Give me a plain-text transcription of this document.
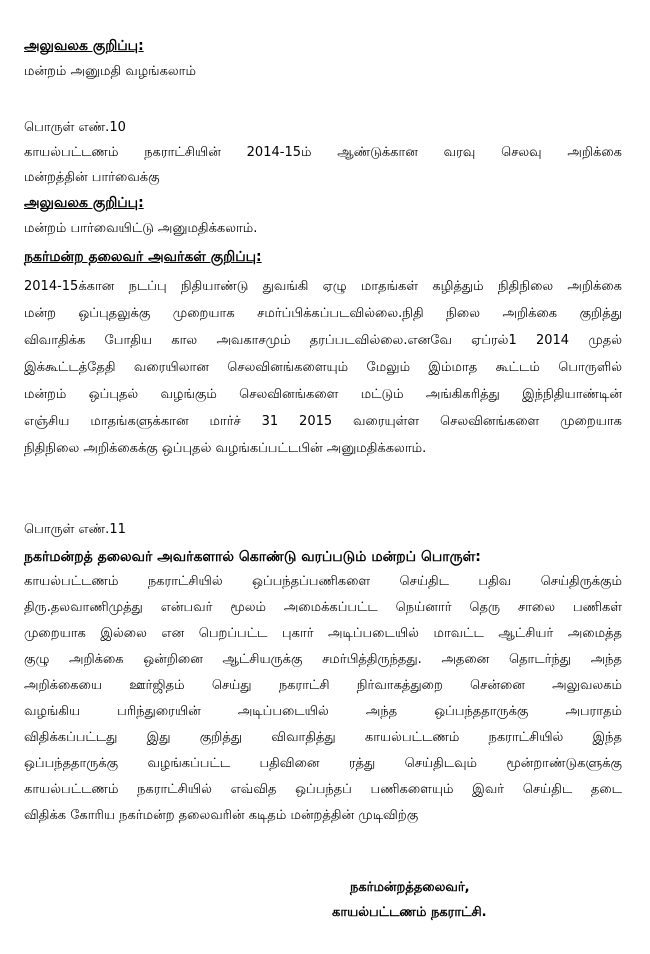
அலுவலக குறிப்பு:
மன்றம் அனுமதி வழங்கலாம்
பொருள் எண்.10
காயல்பட்டணம் நகராட்சியின் 2014-15ம் ஆண்டுக்கான வரவு செலவு அறிக்கை
மன்றத்தின் பார்வைக்கு
அலுவலக குறிப்பு:
மன்றம் பார்வையிட்டு அனுமதிக்கலாம்.
நகர்மன்ற தலைவர் அவர்கள் குறிப்பு:
2014-15க்கான நடப்பு நிதியாண்டு துவங்கி ஏழு மாதங்கள் கழித்தும் நிதிநிலை அறிக்கை
மன்ற ஒப்புதலுக்கு முறையாக சமர்ப்பிக்கப்படவில்லை.நிதி நிலை அறிக்கை குறித்து
விவாதிக்க போதிய கால அவகாசமும் தரப்படவில்லை.எனவே ஏப்ரல்1 2014 முதல்
இக்கூட்டத்தேதி வரையிலான செலவினங்களையும் மேலும் இம்மாத கூட்டம் பொருளில்
மன்றம் ஒப்புதல் வழங்கும் செலவினங்களை மட்டும் அங்கிகரித்து இந்நிதியாண்டின்
எஞ்சிய மாதங்களுக்கான மார்ச் 31 2015 வரையுள்ள செலவினங்களை முறையாக
நிதிநிலை அறிக்கைக்கு ஒப்புதல் வழங்கப்பட்டபின் அனுமதிக்கலாம்.
பொருள் எண்.11
நகர்மன்றத் தலைவர் அவர்களால் கொண்டு வரப்படும் மன்றப் பொருள்:
காயல்பட்டணம் நகராட்சியில் ஒப்பந்தப்பணிகளை செய்திட பதிவ செய்திருக்கும்
திரு.தலவாணிமுத்து என்பவர் மூலம் அமைக்கப்பட்ட நெய்னார் தெரு சாலை பணிகள்
முறையாக இல்லை என பெறப்பட்ட புகார் அடிப்படையில் மாவட்ட ஆட்சியர் அமைத்த
குழு அறிக்கை ஒன்றினை ஆட்சியருக்கு சமர்பித்திருந்தது. அதனை தொடர்ந்து அந்த
அறிக்கையை ஊர்ஜிதம் செய்து நகராட்சி நிர்வாகத்துறை சென்னை அலுவலகம்
வழங்கிய பரிந்துரையின் அடிப்படையில் அந்த ஒப்பந்ததாருக்கு அபராதம்
விதிக்கப்பட்டது இது குறித்து விவாதித்து காயல்பட்டணம் நகராட்சியில் இந்த
ஒப்பந்ததாருக்கு வழங்கப்பட்ட பதிவினை ரத்து செய்திடவும் மூன்றாண்டுகளுக்கு
காயல்பட்டணம் நகராட்சியில் எவ்வித ஒப்பந்தப் பணிகளையும் இவர் செய்திட தடை
விதிக்க கோரிய நகர்மன்ற தலைவரின் கடிதம் மன்றத்தின் முடிவிற்கு
நகர்மன்றத்தலைவர்,
காயல்பட்டணம் நகராட்சி.
